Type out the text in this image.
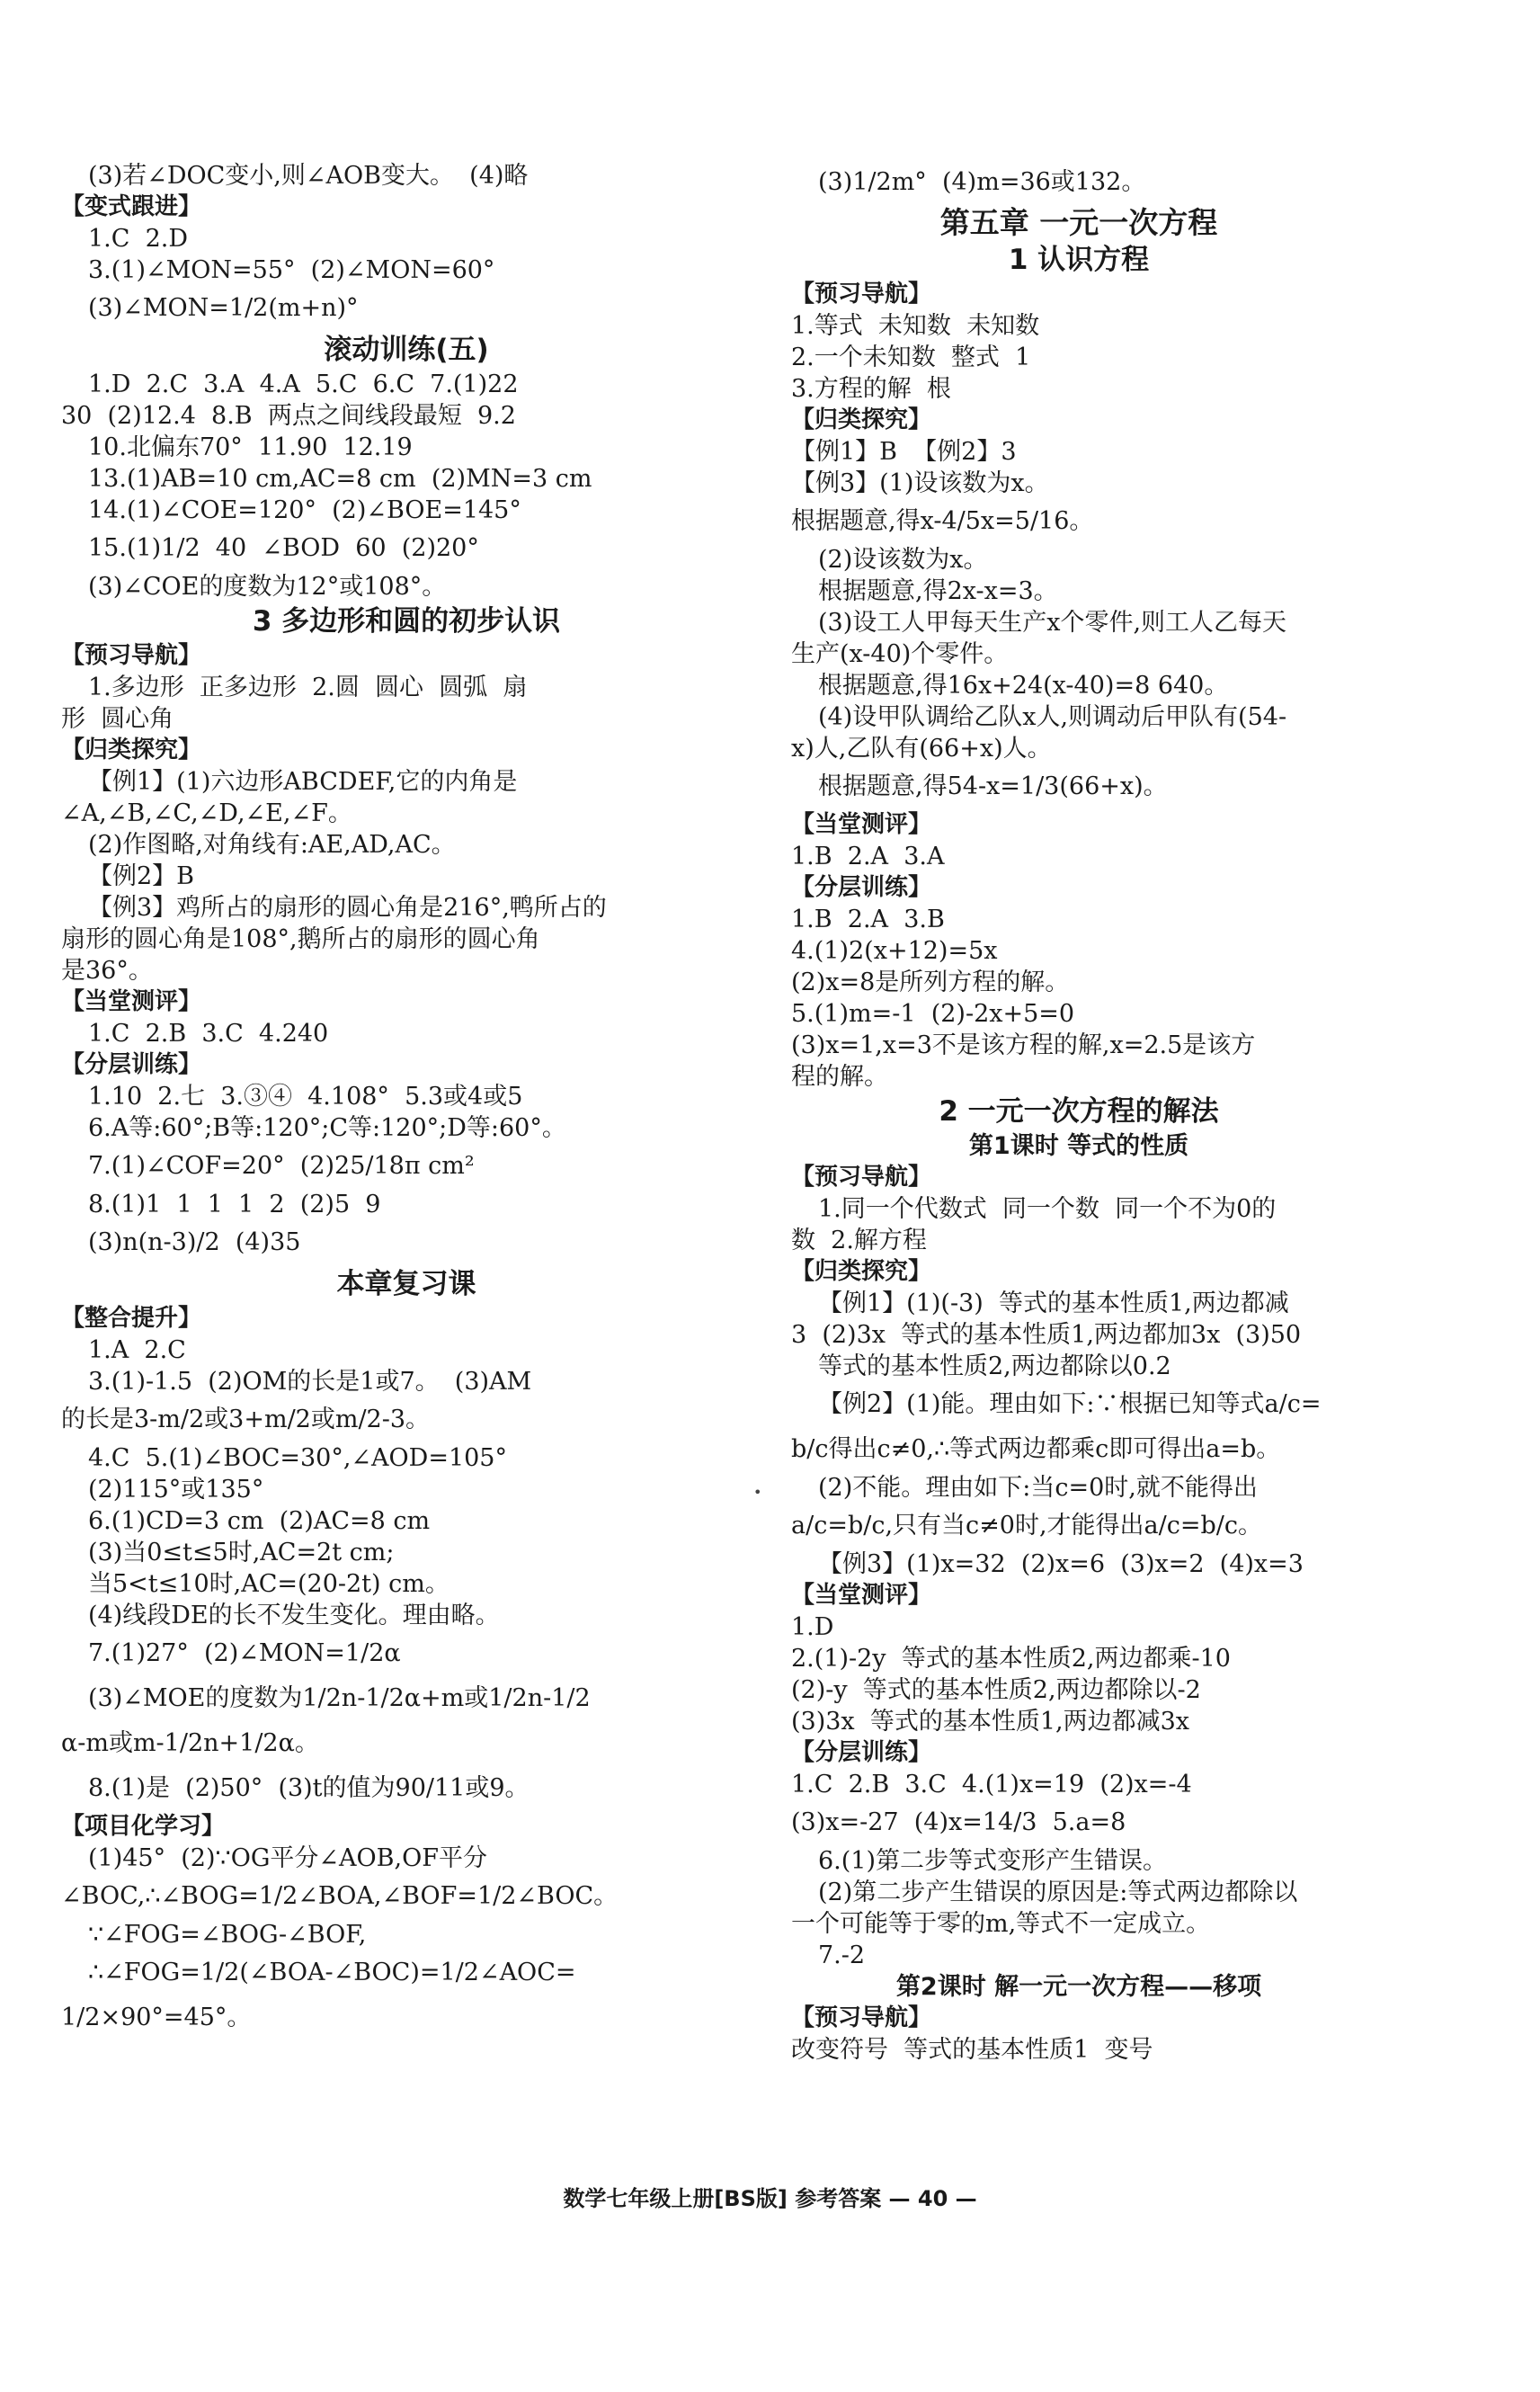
(3)若∠DOC变小,则∠AOB变大。  (4)略
【变式跟进】
1.C  2.D
3.(1)∠MON=55°  (2)∠MON=60°
(3)∠MON=1/2(m+n)°
滚动训练(五)
1.D  2.C  3.A  4.A  5.C  6.C  7.(1)22
30  (2)12.4  8.B  两点之间线段最短  9.2
10.北偏东70°  11.90  12.19
13.(1)AB=10 cm,AC=8 cm  (2)MN=3 cm
14.(1)∠COE=120°  (2)∠BOE=145°
15.(1)1/2  40  ∠BOD  60  (2)20°
(3)∠COE的度数为12°或108°。
3 多边形和圆的初步认识
【预习导航】
1.多边形  正多边形  2.圆  圆心  圆弧  扇
形  圆心角
【归类探究】
【例1】(1)六边形ABCDEF,它的内角是
∠A,∠B,∠C,∠D,∠E,∠F。
(2)作图略,对角线有:AE,AD,AC。
【例2】B
【例3】鸡所占的扇形的圆心角是216°,鸭所占的
扇形的圆心角是108°,鹅所占的扇形的圆心角
是36°。
【当堂测评】
1.C  2.B  3.C  4.240
【分层训练】
1.10  2.七  3.③④  4.108°  5.3或4或5
6.A等:60°;B等:120°;C等:120°;D等:60°。
7.(1)∠COF=20°  (2)25/18π cm²
8.(1)1  1  1  1  2  (2)5  9
(3)n(n-3)/2  (4)35
本章复习课
【整合提升】
1.A  2.C
3.(1)-1.5  (2)OM的长是1或7。  (3)AM
的长是3-m/2或3+m/2或m/2-3。
4.C  5.(1)∠BOC=30°,∠AOD=105°
(2)115°或135°
6.(1)CD=3 cm  (2)AC=8 cm
(3)当0≤t≤5时,AC=2t cm;
当5<t≤10时,AC=(20-2t) cm。
(4)线段DE的长不发生变化。理由略。
7.(1)27°  (2)∠MON=1/2α
(3)∠MOE的度数为1/2n-1/2α+m或1/2n-1/2
α-m或m-1/2n+1/2α。
8.(1)是  (2)50°  (3)t的值为90/11或9。
【项目化学习】
(1)45°  (2)∵OG平分∠AOB,OF平分
∠BOC,∴∠BOG=1/2∠BOA,∠BOF=1/2∠BOC。
∵∠FOG=∠BOG-∠BOF,
∴∠FOG=1/2(∠BOA-∠BOC)=1/2∠AOC=
1/2×90°=45°。
(3)1/2m°  (4)m=36或132。
第五章 一元一次方程
1 认识方程
【预习导航】
1.等式  未知数  未知数
2.一个未知数  整式  1
3.方程的解  根
【归类探究】
【例1】B  【例2】3
【例3】(1)设该数为x。
根据题意,得x-4/5x=5/16。
(2)设该数为x。
根据题意,得2x-x=3。
(3)设工人甲每天生产x个零件,则工人乙每天
生产(x-40)个零件。
根据题意,得16x+24(x-40)=8 640。
(4)设甲队调给乙队x人,则调动后甲队有(54-
x)人,乙队有(66+x)人。
根据题意,得54-x=1/3(66+x)。
【当堂测评】
1.B  2.A  3.A
【分层训练】
1.B  2.A  3.B
4.(1)2(x+12)=5x
(2)x=8是所列方程的解。
5.(1)m=-1  (2)-2x+5=0
(3)x=1,x=3不是该方程的解,x=2.5是该方
程的解。
2 一元一次方程的解法
第1课时 等式的性质
【预习导航】
1.同一个代数式  同一个数  同一个不为0的
数  2.解方程
【归类探究】
【例1】(1)(-3)  等式的基本性质1,两边都减
3  (2)3x  等式的基本性质1,两边都加3x  (3)50
等式的基本性质2,两边都除以0.2
【例2】(1)能。理由如下:∵根据已知等式a/c=
b/c得出c≠0,∴等式两边都乘c即可得出a=b。
(2)不能。理由如下:当c=0时,就不能得出
a/c=b/c,只有当c≠0时,才能得出a/c=b/c。
【例3】(1)x=32  (2)x=6  (3)x=2  (4)x=3
【当堂测评】
1.D
2.(1)-2y  等式的基本性质2,两边都乘-10
(2)-y  等式的基本性质2,两边都除以-2
(3)3x  等式的基本性质1,两边都减3x
【分层训练】
1.C  2.B  3.C  4.(1)x=19  (2)x=-4
(3)x=-27  (4)x=14/3  5.a=8
6.(1)第二步等式变形产生错误。
(2)第二步产生错误的原因是:等式两边都除以
一个可能等于零的m,等式不一定成立。
7.-2
第2课时 解一元一次方程——移项
【预习导航】
改变符号  等式的基本性质1  变号
•
数学七年级上册[BS版] 参考答案 — 40 —
